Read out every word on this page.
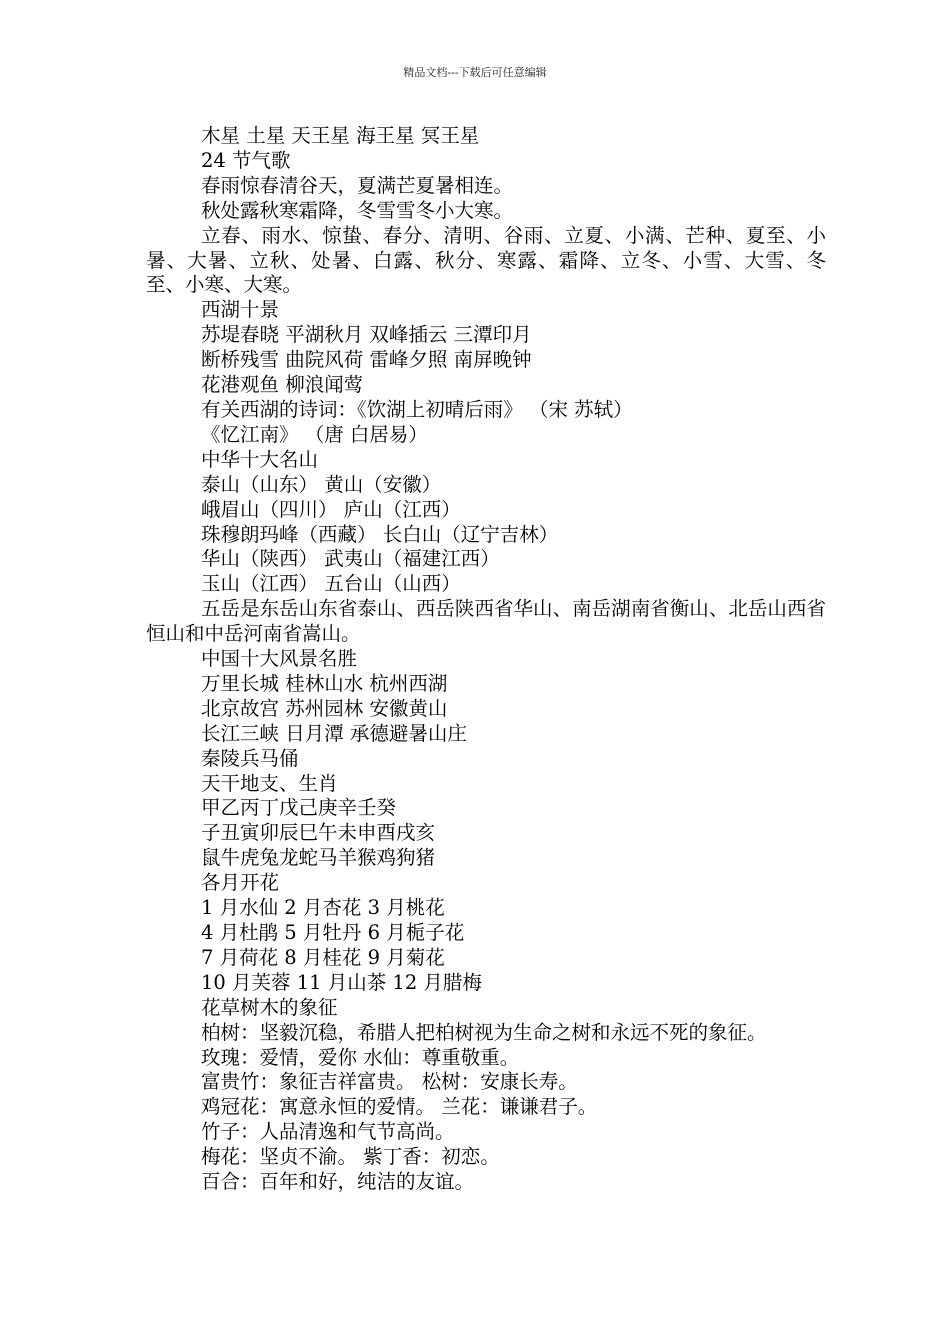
精品文档---下载后可任意编辑

木星 土星 天王星 海王星 冥王星

24 节气歌

春雨惊春清谷天，夏满芒夏暑相连。

秋处露秋寒霜降，冬雪雪冬小大寒。

立春、雨水、惊蛰、春分、清明、谷雨、立夏、小满、芒种、夏至、小暑、大暑、立秋、处暑、白露、秋分、寒露、霜降、立冬、小雪、大雪、冬至、小寒、大寒。

西湖十景

苏堤春晓 平湖秋月 双峰插云 三潭印月

断桥残雪 曲院风荷 雷峰夕照 南屏晚钟

花港观鱼 柳浪闻莺

有关西湖的诗词：《饮湖上初晴后雨》 （宋 苏轼）

《忆江南》 （唐 白居易）

中华十大名山

泰山（山东） 黄山（安徽）

峨眉山（四川） 庐山（江西）

珠穆朗玛峰（西藏） 长白山（辽宁吉林）

华山（陕西） 武夷山（福建江西）

玉山（江西） 五台山（山西）

五岳是东岳山东省泰山、西岳陕西省华山、南岳湖南省衡山、北岳山西省恒山和中岳河南省嵩山。

中国十大风景名胜

万里长城 桂林山水 杭州西湖

北京故宫 苏州园林 安徽黄山

长江三峡 日月潭 承德避暑山庄

秦陵兵马俑

天干地支、生肖

甲乙丙丁戊己庚辛壬癸

子丑寅卯辰巳午未申酉戌亥

鼠牛虎兔龙蛇马羊猴鸡狗猪

各月开花

1 月水仙 2 月杏花 3 月桃花

4 月杜鹃 5 月牡丹 6 月栀子花

7 月荷花 8 月桂花 9 月菊花

10 月芙蓉 11 月山茶 12 月腊梅

花草树木的象征

柏树：坚毅沉稳，希腊人把柏树视为生命之树和永远不死的象征。

玫瑰：爱情，爱你 水仙：尊重敬重。

富贵竹：象征吉祥富贵。 松树：安康长寿。

鸡冠花：寓意永恒的爱情。 兰花：谦谦君子。

竹子：人品清逸和气节高尚。

梅花：坚贞不渝。 紫丁香：初恋。

百合：百年和好，纯洁的友谊。
